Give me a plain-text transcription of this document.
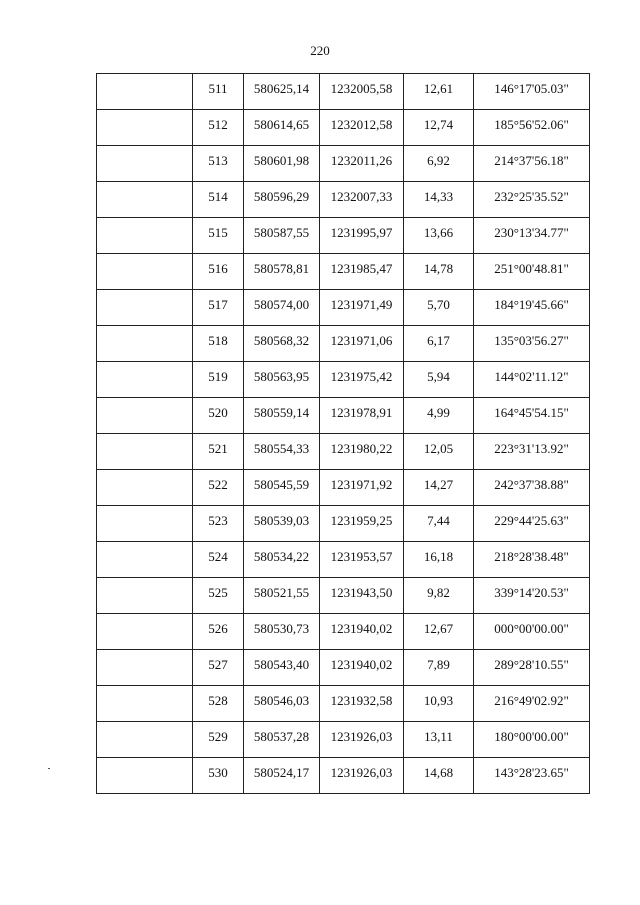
220
	511	580625,14	1232005,58	12,61	146°17'05.03"
	512	580614,65	1232012,58	12,74	185°56'52.06"
	513	580601,98	1232011,26	6,92	214°37'56.18"
	514	580596,29	1232007,33	14,33	232°25'35.52"
	515	580587,55	1231995,97	13,66	230°13'34.77"
	516	580578,81	1231985,47	14,78	251°00'48.81"
	517	580574,00	1231971,49	5,70	184°19'45.66"
	518	580568,32	1231971,06	6,17	135°03'56.27"
	519	580563,95	1231975,42	5,94	144°02'11.12"
	520	580559,14	1231978,91	4,99	164°45'54.15"
	521	580554,33	1231980,22	12,05	223°31'13.92"
	522	580545,59	1231971,92	14,27	242°37'38.88"
	523	580539,03	1231959,25	7,44	229°44'25.63"
	524	580534,22	1231953,57	16,18	218°28'38.48"
	525	580521,55	1231943,50	9,82	339°14'20.53"
	526	580530,73	1231940,02	12,67	000°00'00.00"
	527	580543,40	1231940,02	7,89	289°28'10.55"
	528	580546,03	1231932,58	10,93	216°49'02.92"
	529	580537,28	1231926,03	13,11	180°00'00.00"
	530	580524,17	1231926,03	14,68	143°28'23.65"
